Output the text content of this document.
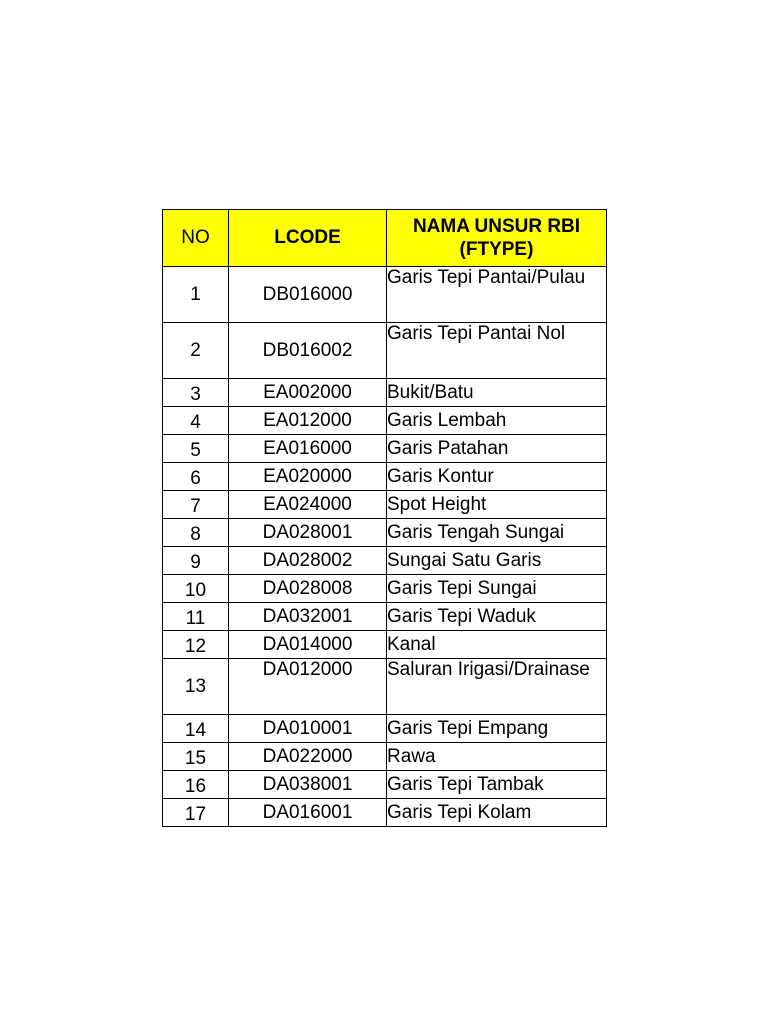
NO	LCODE	NAMA UNSUR RBI (FTYPE)
1	DB016000	Garis Tepi Pantai/Pulau
2	DB016002	Garis Tepi Pantai Nol
3	EA002000	Bukit/Batu
4	EA012000	Garis Lembah
5	EA016000	Garis Patahan
6	EA020000	Garis Kontur
7	EA024000	Spot Height
8	DA028001	Garis Tengah Sungai
9	DA028002	Sungai Satu Garis
10	DA028008	Garis Tepi Sungai
11	DA032001	Garis Tepi Waduk
12	DA014000	Kanal
13	DA012000	Saluran Irigasi/Drainase
14	DA010001	Garis Tepi Empang
15	DA022000	Rawa
16	DA038001	Garis Tepi Tambak
17	DA016001	Garis Tepi Kolam
